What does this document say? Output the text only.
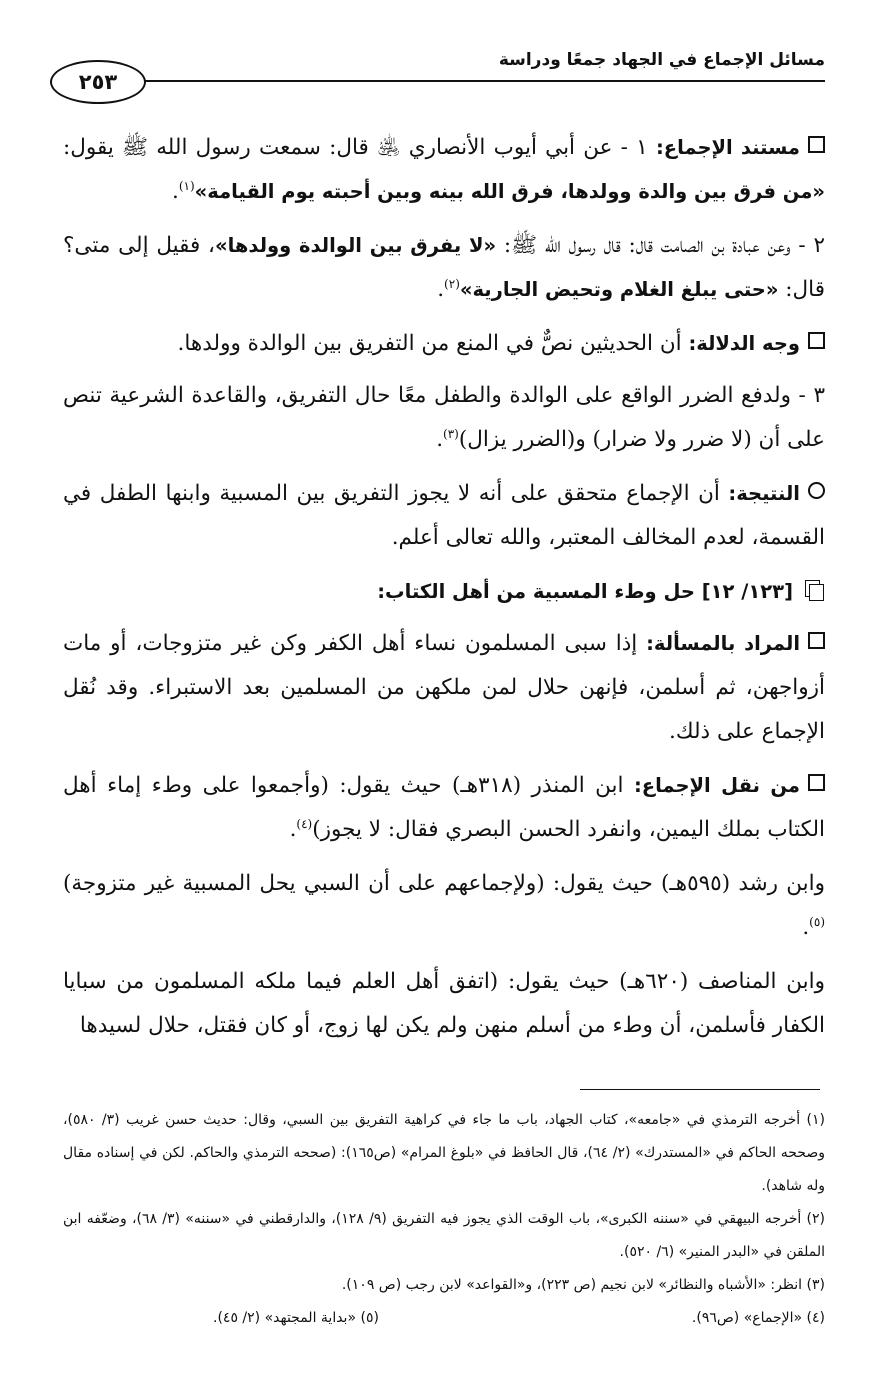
مسائل الإجماع في الجهاد جمعًا ودراسة
٢٥٣

مستند الإجماع: ١ - عن أبي أيوب الأنصاري ﵁ قال: سمعت رسول الله ﷺ يقول: «من فرق بين والدة وولدها، فرق الله بينه وبين أحبته يوم القيامة»$^{(١)}$.

٢ - وعن عبادة بن الصامت قال: قال رسول الله ﷺ: «لا يفرق بين الوالدة وولدها»، فقيل إلى متى؟ قال: «حتى يبلغ الغلام وتحيض الجارية»$^{(٢)}$.

وجه الدلالة: أن الحديثين نصٌّ في المنع من التفريق بين الوالدة وولدها.

٣ - ولدفع الضرر الواقع على الوالدة والطفل معًا حال التفريق، والقاعدة الشرعية تنص على أن (لا ضرر ولا ضرار) و(الضرر يزال)$^{(٣)}$.

النتيجة: أن الإجماع متحقق على أنه لا يجوز التفريق بين المسبية وابنها الطفل في القسمة، لعدم المخالف المعتبر، والله تعالى أعلم.

[١٢٣/ ١٢] حل وطء المسبية من أهل الكتاب:

المراد بالمسألة: إذا سبى المسلمون نساء أهل الكفر وكن غير متزوجات، أو مات أزواجهن، ثم أسلمن، فإنهن حلال لمن ملكهن من المسلمين بعد الاستبراء. وقد نُقل الإجماع على ذلك.

من نقل الإجماع: ابن المنذر (٣١٨هـ) حيث يقول: (وأجمعوا على وطء إماء أهل الكتاب بملك اليمين، وانفرد الحسن البصري فقال: لا يجوز)$^{(٤)}$.

وابن رشد (٥٩٥هـ) حيث يقول: (ولإجماعهم على أن السبي يحل المسبية غير متزوجة)$^{(٥)}$.

وابن المناصف (٦٢٠هـ) حيث يقول: (اتفق أهل العلم فيما ملكه المسلمون من سبايا الكفار فأسلمن، أن وطء من أسلم منهن ولم يكن لها زوج، أو كان فقتل، حلال لسيدها

(١) أخرجه الترمذي في «جامعه»، كتاب الجهاد، باب ما جاء في كراهية التفريق بين السبي، وقال: حديث حسن غريب (٣/ ٥٨٠)، وصححه الحاكم في «المستدرك» (٢/ ٦٤)، قال الحافظ في «بلوغ المرام» (ص١٦٥): (صححه الترمذي والحاكم. لكن في إسناده مقال وله شاهد).

(٢) أخرجه البيهقي في «سننه الكبرى»، باب الوقت الذي يجوز فيه التفريق (٩/ ١٢٨)، والدارقطني في «سننه» (٣/ ٦٨)، وضعّفه ابن الملقن في «البدر المنير» (٦/ ٥٢٠).

(٣) انظر: «الأشباه والنظائر» لابن نجيم (ص ٢٢٣)، و«القواعد» لابن رجب (ص ١٠٩).

(٤) «الإجماع» (ص٩٦).
(٥) «بداية المجتهد» (٢/ ٤٥).
